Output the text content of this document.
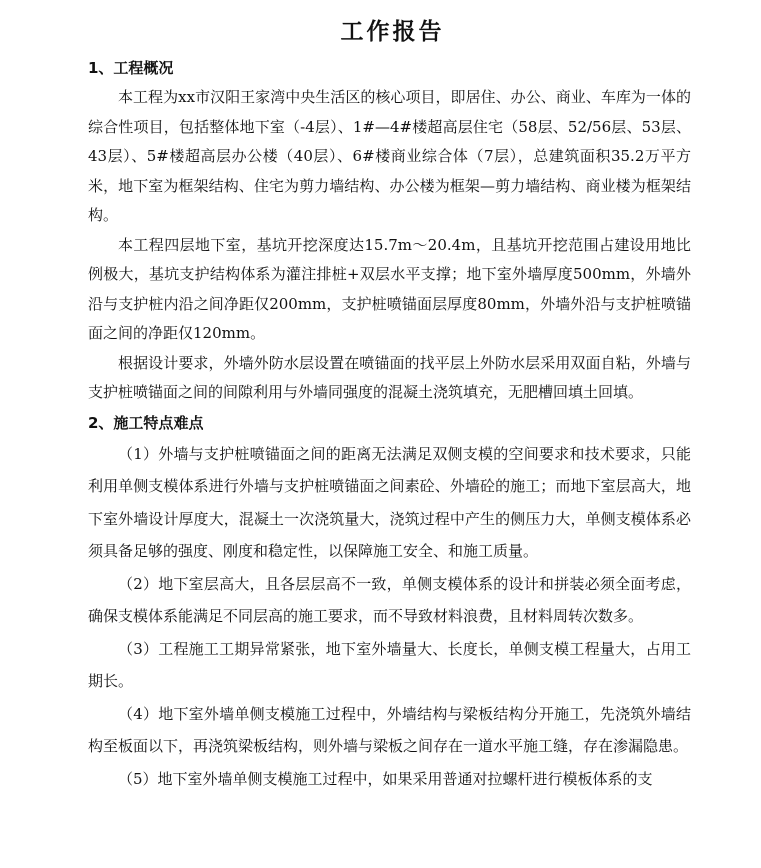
工作报告
1、工程概况

本工程为xx市汉阳王家湾中央生活区的核心项目，即居住、办公、商业、车库为一体的综合性项目，包括整体地下室（-4层）、1#—4#楼超高层住宅（58层、52/56层、53层、43层）、5#楼超高层办公楼（40层）、6#楼商业综合体（7层），总建筑面积35.2万平方米，地下室为框架结构、住宅为剪力墙结构、办公楼为框架—剪力墙结构、商业楼为框架结构。

本工程四层地下室，基坑开挖深度达15.7m～20.4m，且基坑开挖范围占建设用地比例极大，基坑支护结构体系为灌注排桩+双层水平支撑；地下室外墙厚度500mm，外墙外沿与支护桩内沿之间净距仅200mm，支护桩喷锚面层厚度80mm，外墙外沿与支护桩喷锚面之间的净距仅120mm。

根据设计要求，外墙外防水层设置在喷锚面的找平层上外防水层采用双面自粘，外墙与支护桩喷锚面之间的间隙利用与外墙同强度的混凝土浇筑填充，无肥槽回填土回填。

2、施工特点难点

（1）外墙与支护桩喷锚面之间的距离无法满足双侧支模的空间要求和技术要求，只能利用单侧支模体系进行外墙与支护桩喷锚面之间素砼、外墙砼的施工；而地下室层高大，地下室外墙设计厚度大，混凝土一次浇筑量大，浇筑过程中产生的侧压力大，单侧支模体系必须具备足够的强度、刚度和稳定性，以保障施工安全、和施工质量。

（2）地下室层高大，且各层层高不一致，单侧支模体系的设计和拼装必须全面考虑，确保支模体系能满足不同层高的施工要求，而不导致材料浪费，且材料周转次数多。

（3）工程施工工期异常紧张，地下室外墙量大、长度长，单侧支模工程量大，占用工期长。

（4）地下室外墙单侧支模施工过程中，外墙结构与梁板结构分开施工，先浇筑外墙结构至板面以下，再浇筑梁板结构，则外墙与梁板之间存在一道水平施工缝，存在渗漏隐患。

（5）地下室外墙单侧支模施工过程中，如果采用普通对拉螺杆进行模板体系的支
